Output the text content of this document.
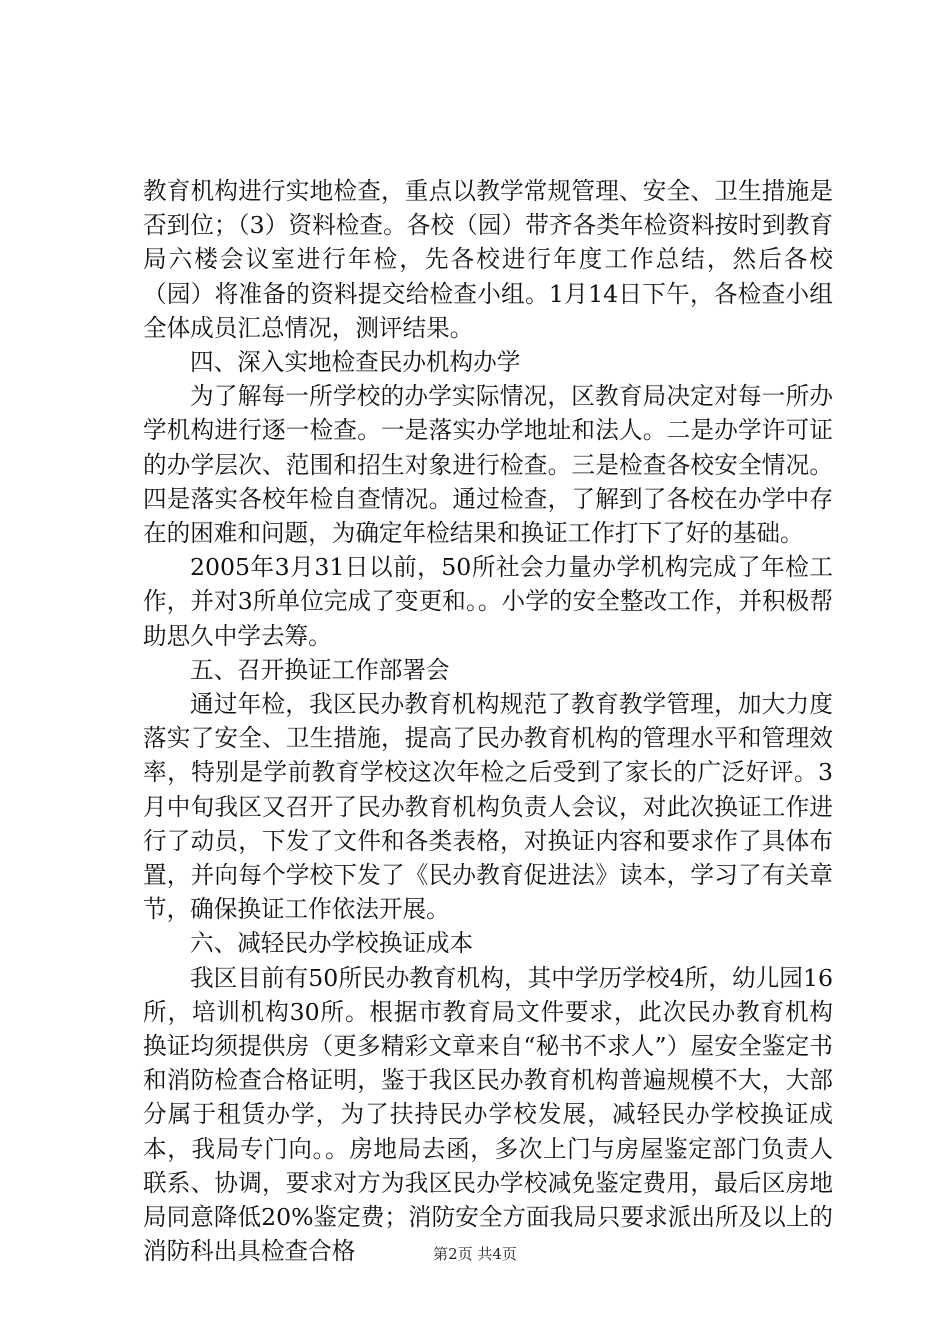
教育机构进行实地检查，重点以教学常规管理、安全、卫生措施是否到位；（3）资料检查。各校（园）带齐各类年检资料按时到教育局六楼会议室进行年检，先各校进行年度工作总结，然后各校（园）将准备的资料提交给检查小组。1月14日下午，各检查小组全体成员汇总情况，测评结果。

四、深入实地检查民办机构办学

为了解每一所学校的办学实际情况，区教育局决定对每一所办学机构进行逐一检查。一是落实办学地址和法人。二是办学许可证的办学层次、范围和招生对象进行检查。三是检查各校安全情况。四是落实各校年检自查情况。通过检查，了解到了各校在办学中存在的困难和问题，为确定年检结果和换证工作打下了好的基础。

2005年3月31日以前，50所社会力量办学机构完成了年检工作，并对3所单位完成了变更和。。小学的安全整改工作，并积极帮助思久中学去筹。

五、召开换证工作部署会

通过年检，我区民办教育机构规范了教育教学管理，加大力度落实了安全、卫生措施，提高了民办教育机构的管理水平和管理效率，特别是学前教育学校这次年检之后受到了家长的广泛好评。3月中旬我区又召开了民办教育机构负责人会议，对此次换证工作进行了动员，下发了文件和各类表格，对换证内容和要求作了具体布置，并向每个学校下发了《民办教育促进法》读本，学习了有关章节，确保换证工作依法开展。

六、减轻民办学校换证成本

我区目前有50所民办教育机构，其中学历学校4所，幼儿园16所，培训机构30所。根据市教育局文件要求，此次民办教育机构换证均须提供房（更多精彩文章来自“秘书不求人”）屋安全鉴定书和消防检查合格证明，鉴于我区民办教育机构普遍规模不大，大部分属于租赁办学，为了扶持民办学校发展，减轻民办学校换证成本，我局专门向。。房地局去函，多次上门与房屋鉴定部门负责人联系、协调，要求对方为我区民办学校减免鉴定费用，最后区房地局同意降低20%鉴定费；消防安全方面我局只要求派出所及以上的消防科出具检查合格	第2页 共4页
